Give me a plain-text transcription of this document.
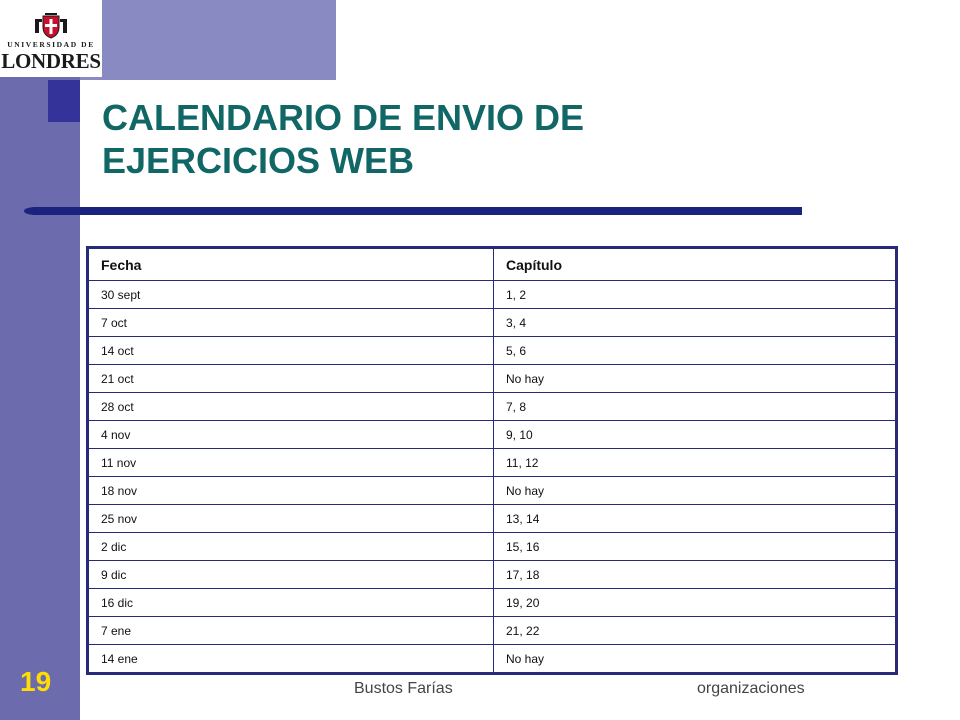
UNIVERSIDAD DE
LONDRES
CALENDARIO DE ENVIO DE
EJERCICIOS WEB
Fecha	Capítulo
30 sept	1, 2
7 oct	3, 4
14 oct	5, 6
21 oct	No hay
28 oct	7, 8
4 nov	9, 10
11 nov	11, 12
18 nov	No hay
25 nov	13, 14
2 dic	15, 16
9 dic	17, 18
16 dic	19, 20
7 ene	21, 22
14 ene	No hay
19	Bustos Farías	organizaciones
